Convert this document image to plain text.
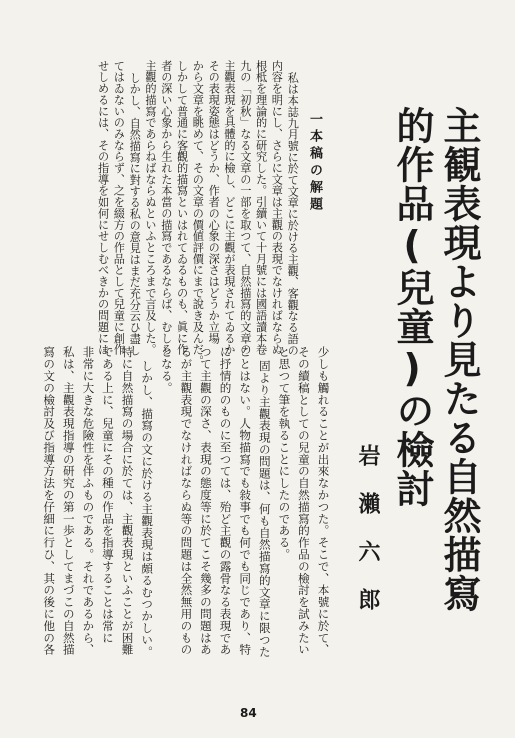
主観表現より見たる自然描寫
的作品(兒童)の檢討
一本稿の解題
岩瀨六郎
私は本誌九月號に於て文章に於ける主觀、客觀なる語の
内容を明にし、さらに文章は主觀の表現でなければならぬ
根柢を理論的に研究した。引續いて十月號には國語讀本卷
九の「初秋」なる文章の一部を取つて、自然描寫的文章の
主觀表現を具體的に檢し、どこに主觀が表現されてゐるか
その表現姿態はどうか、作者の心象の深さはどうか立場
から文章を眺めて、その文章の價値評價にまで說き及んだ。
しかして普通に客觀的描寫といはれてゐるものも、眞に作
者の深い心象から生れた本當の描寫であるならば、むしろ
主觀的描寫であらねばならぬといふところまで言及した。
しかし、自然描寫に對する私の意見はまだ充分云ひ盡し
てはゐないのみならず、之を綴方の作品として兒童に創作
せしめるには、その指導を如何にせしむべきかの問題には
少しも觸れることが出來なかつた。そこで、本號に於て、
その續稿としての兒童の自然描寫的作品の檢討を試みたい
と思つて筆を執ることにしたのである。
固より主觀表現の問題は、何も自然描寫的文章に限つた
ことはない。人物描寫でも敍事でも何でも同じであり、特
に抒情的のものに至つては、殆ど主觀の露骨なる表現であ
つて主觀の深さ、表現の態度等に於てこそ幾多の問題はあ
るが主觀表現でなければならぬ等の問題は全然無用のもの
となる。
しかし、描寫の文に於ける主觀表現は頗るむつかしい。
特に自然描寫の場合に於ては、主觀表現といふことが困難
である上に、兒童にその種の作品を指導することは常に
非常に大きな危險性を伴ふものである。それであるから、
私は、主觀表現指導の研究の第一歩としてまづこの自然描
寫の文の檢討及び指導方法を仔細に行ひ、其の後に他の各
84
